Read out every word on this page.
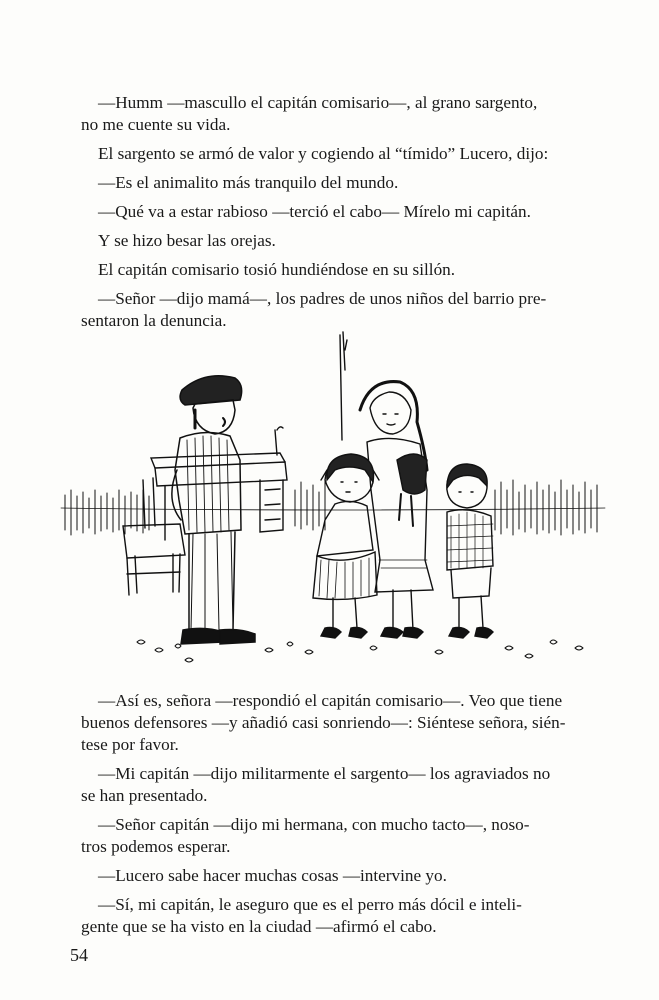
—Humm —mascullo el capitán comisario—, al grano sargento,
no me cuente su vida.

El sargento se armó de valor y cogiendo al “tímido” Lucero, dijo:

—Es el animalito más tranquilo del mundo.

—Qué va a estar rabioso —terció el cabo— Mírelo mi capitán.

Y se hizo besar las orejas.

El capitán comisario tosió hundiéndose en su sillón.

—Señor —dijo mamá—, los padres de unos niños del barrio pre-
sentaron la denuncia.

—Así es, señora —respondió el capitán comisario—. Veo que tiene
buenos defensores —y añadió casi sonriendo—: Siéntese señora, sién-
tese por favor.

—Mi capitán —dijo militarmente el sargento— los agraviados no
se han presentado.

—Señor capitán —dijo mi hermana, con mucho tacto—, noso-
tros podemos esperar.

—Lucero sabe hacer muchas cosas —intervine yo.

—Sí, mi capitán, le aseguro que es el perro más dócil e inteli-
gente que se ha visto en la ciudad —afirmó el cabo.

54
